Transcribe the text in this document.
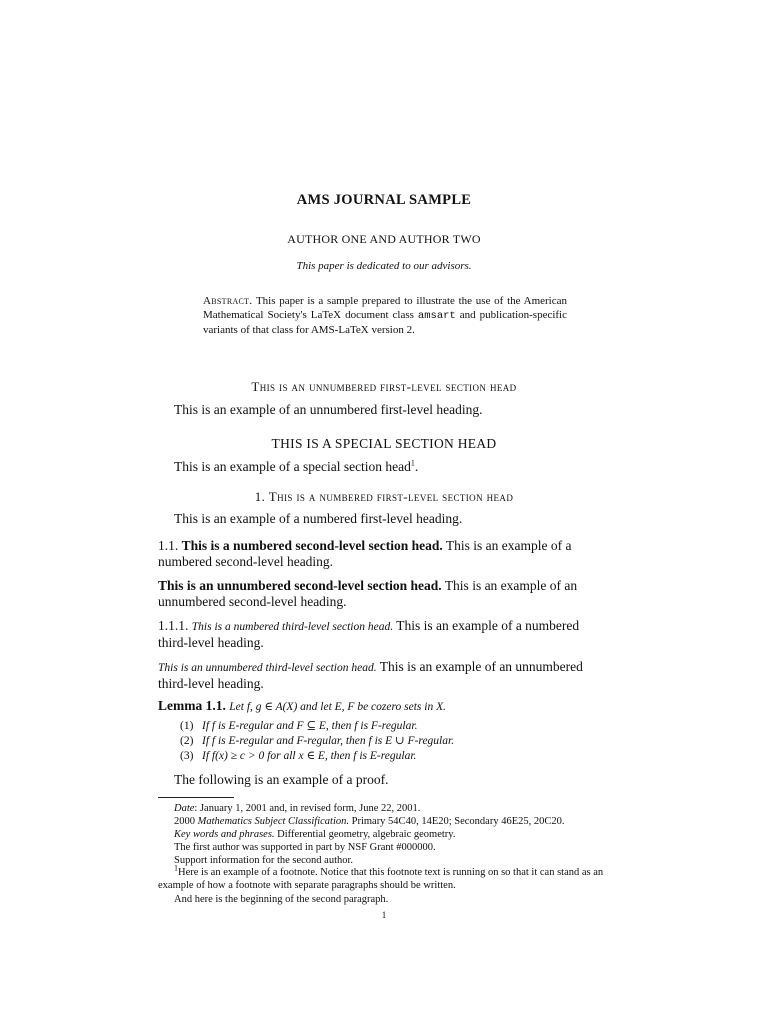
AMS JOURNAL SAMPLE
AUTHOR ONE AND AUTHOR TWO
This paper is dedicated to our advisors.
Abstract. This paper is a sample prepared to illustrate the use of the American Mathematical Society's LaTeX document class amsart and publication-specific variants of that class for AMS-LaTeX version 2.
This is an unnumbered first-level section head
This is an example of an unnumbered first-level heading.
THIS IS A SPECIAL SECTION HEAD
This is an example of a special section head$^1$.
1. This is a numbered first-level section head
This is an example of a numbered first-level heading.
1.1. This is a numbered second-level section head. This is an example of a numbered second-level heading.
This is an unnumbered second-level section head. This is an example of an unnumbered second-level heading.
1.1.1. This is a numbered third-level section head. This is an example of a numbered third-level heading.
This is an unnumbered third-level section head. This is an example of an unnumbered third-level heading.
Lemma 1.1. Let f, g ∈ A(X) and let E, F be cozero sets in X.
(1) If f is E-regular and F ⊆ E, then f is F-regular.
(2) If f is E-regular and F-regular, then f is E ∪ F-regular.
(3) If f(x) ≥ c > 0 for all x ∈ E, then f is E-regular.
The following is an example of a proof.
Date: January 1, 2001 and, in revised form, June 22, 2001.
2000 Mathematics Subject Classification. Primary 54C40, 14E20; Secondary 46E25, 20C20.
Key words and phrases. Differential geometry, algebraic geometry.
The first author was supported in part by NSF Grant #000000.
Support information for the second author.
$^1$Here is an example of a footnote. Notice that this footnote text is running on so that it can stand as an example of how a footnote with separate paragraphs should be written.
And here is the beginning of the second paragraph.
1
